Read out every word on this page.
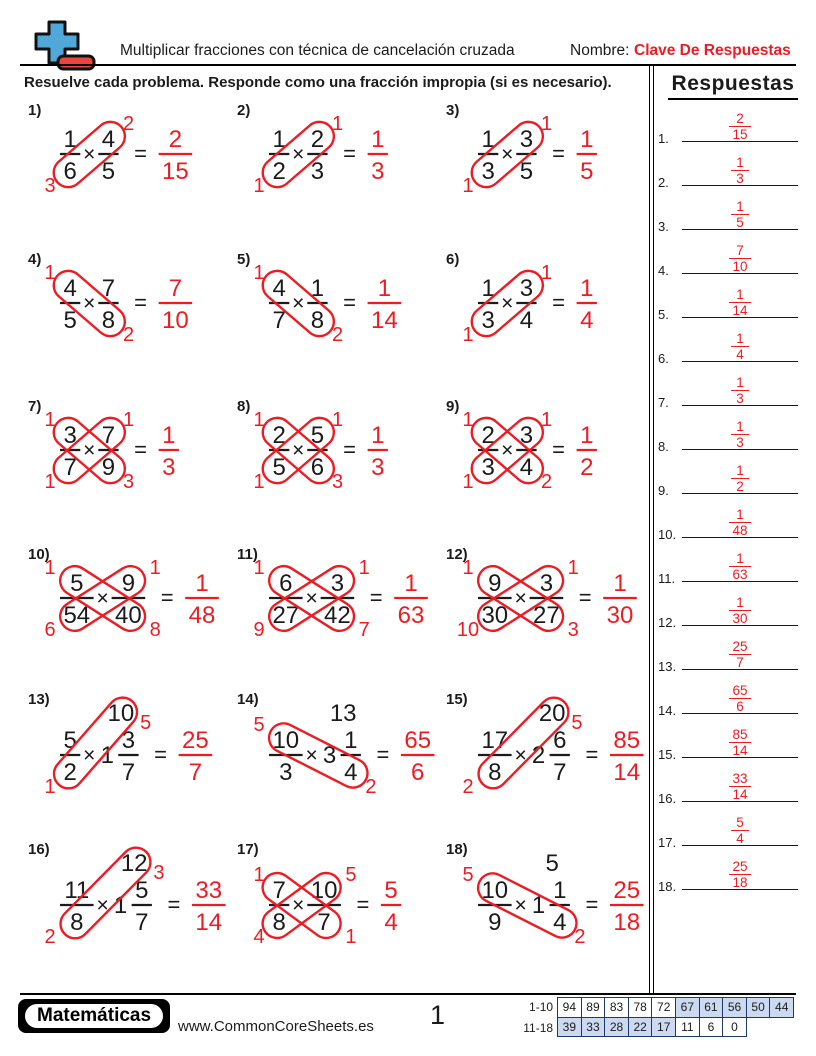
Multiplicar fracciones con técnica de cancelación cruzada	Nombre: Clave De Respuestas
Resuelve cada problema. Responde como una fracción impropia (si es necesario).	Respuestas
2
15
1.
1
3
2.
1
5
3.
7
10
4.
1
14
5.
1
4
6.
1
3
7.
1
3
8.
1
2
9.
1
48
10.
1
63
11.
1
30
12.
25
7
13.
65
6
14.
85
14
15.
33
14
16.
5
4
17.
25
18
18.
1)
1
6
×
4
5
=
2
15
3
2
2)
1
2
×
2
3
=
1
3
1
1
3)
1
3
×
3
5
=
1
5
1
1
4)
4
5
×
7
8
=
7
10
1
2
5)
4
7
×
1
8
=
1
14
1
2
6)
1
3
×
3
4
=
1
4
1
1
7)
3
7
×
7
9
=
1
3
1
3
1
1
8)
2
5
×
5
6
=
1
3
1
3
1
1
9)
2
3
×
3
4
=
1
2
1
2
1
1
10)
5
54
×
9
40
=
1
48
1
8
6
1
11)
6
27
×
3
42
=
1
63
1
7
9
1
12)
9
30
×
3
27
=
1
30
1
3
10
1
13)
5
2
× 1
3
7
10
=
25
7
1
5
14)
10
3
× 3
1
4
13
=
65
6
5
2
15)
17
8
× 2
6
7
20
=
85
14
2
5
16)
11
8
× 1
5
7
12
=
33
14
2
3
17)
7
8
×
10
7
=
5
4
1
1
4
5
18)
10
9
× 1
1
4
5
=
25
18
5
2
Matemáticas
www.CommonCoreSheets.es 1	1-10 94 89 83 78 72 67 61 56 50 44
11-18 39 33 28 22 17 11	6	0
